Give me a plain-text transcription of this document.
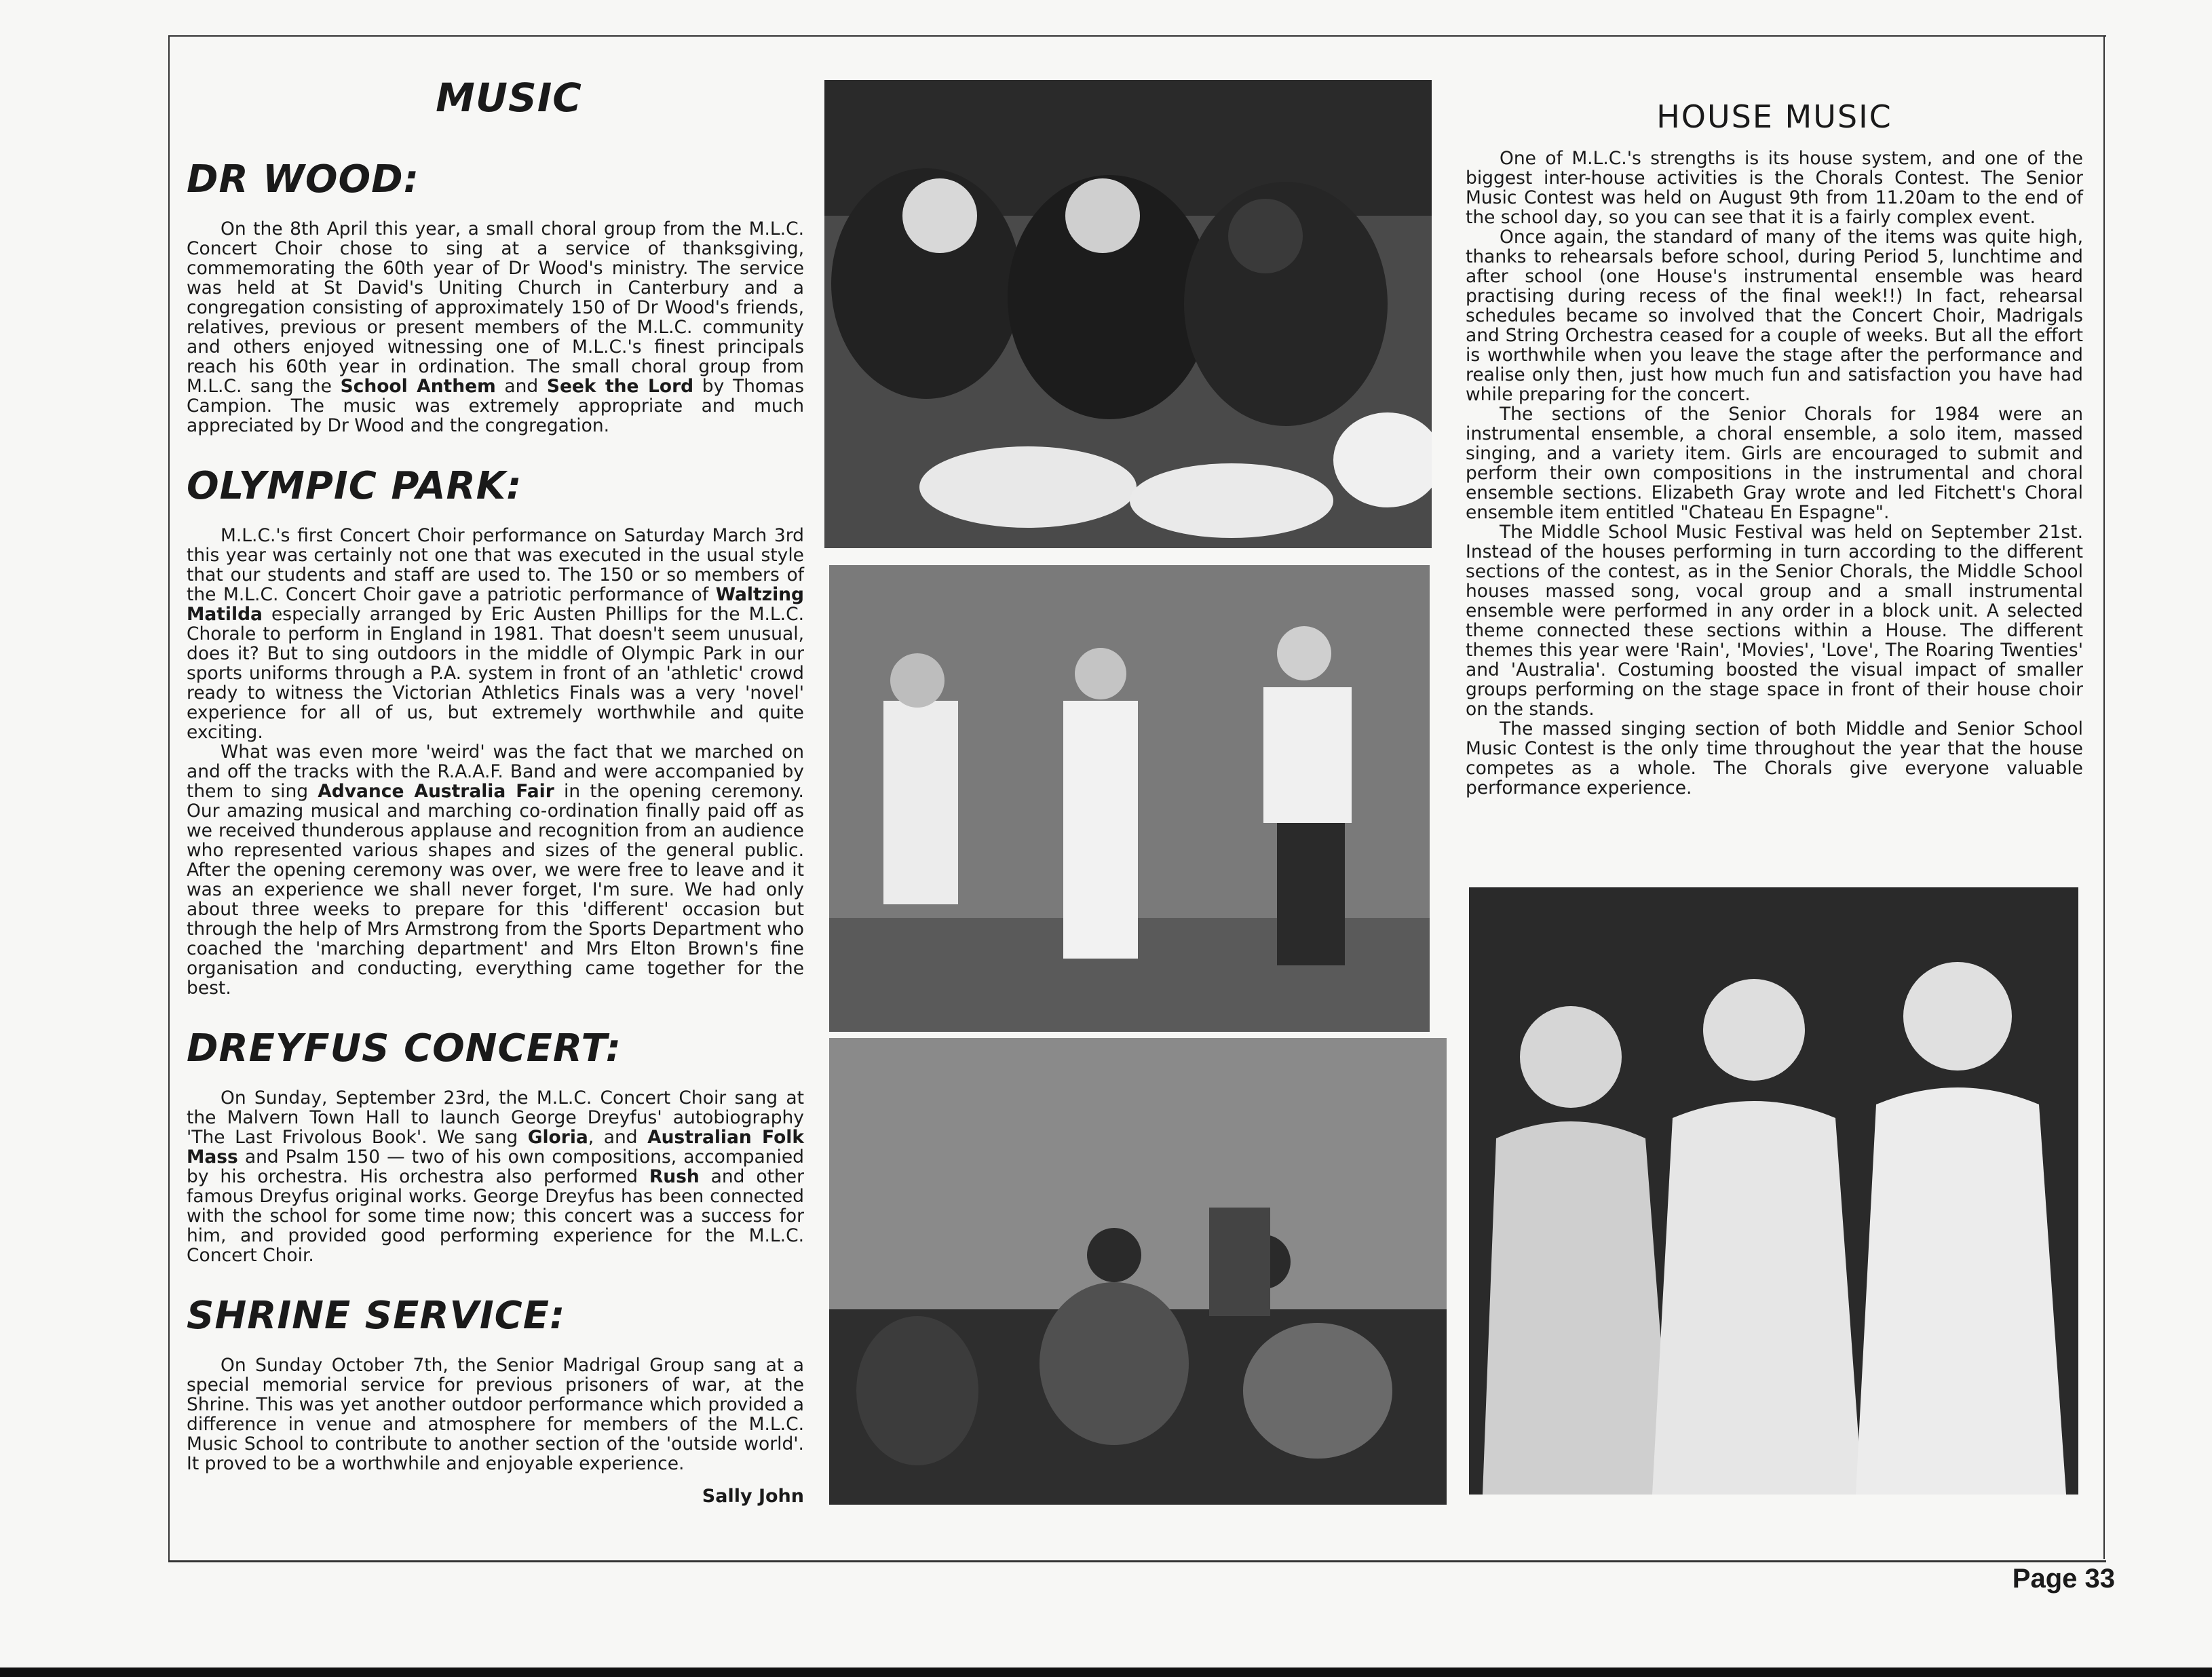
MUSIC
DR WOOD:

On the 8th April this year, a small choral group from the M.L.C. Concert Choir chose to sing at a service of thanksgiving, commemorating the 60th year of Dr Wood's ministry. The service was held at St David's Uniting Church in Canterbury and a congregation consisting of approximately 150 of Dr Wood's friends, relatives, previous or present members of the M.L.C. community and others enjoyed witnessing one of M.L.C.'s finest principals reach his 60th year in ordination. The small choral group from M.L.C. sang the School Anthem and Seek the Lord by Thomas Campion. The music was extremely appropriate and much appreciated by Dr Wood and the congregation.

OLYMPIC PARK:

M.L.C.'s first Concert Choir performance on Saturday March 3rd this year was certainly not one that was executed in the usual style that our students and staff are used to. The 150 or so members of the M.L.C. Concert Choir gave a patriotic performance of Waltzing Matilda especially arranged by Eric Austen Phillips for the M.L.C. Chorale to perform in England in 1981. That doesn't seem unusual, does it? But to sing outdoors in the middle of Olympic Park in our sports uniforms through a P.A. system in front of an 'athletic' crowd ready to witness the Victorian Athletics Finals was a very 'novel' experience for all of us, but extremely worthwhile and quite exciting.

What was even more 'weird' was the fact that we marched on and off the tracks with the R.A.A.F. Band and were accompanied by them to sing Advance Australia Fair in the opening ceremony. Our amazing musical and marching co-ordination finally paid off as we received thunderous applause and recognition from an audience who represented various shapes and sizes of the general public. After the opening ceremony was over, we were free to leave and it was an experience we shall never forget, I'm sure. We had only about three weeks to prepare for this 'different' occasion but through the help of Mrs Armstrong from the Sports Department who coached the 'marching department' and Mrs Elton Brown's fine organisation and conducting, everything came together for the best.

DREYFUS CONCERT:

On Sunday, September 23rd, the M.L.C. Concert Choir sang at the Malvern Town Hall to launch George Dreyfus' autobiography 'The Last Frivolous Book'. We sang Gloria, and Australian Folk Mass and Psalm 150 — two of his own compositions, accompanied by his orchestra. His orchestra also performed Rush and other famous Dreyfus original works. George Dreyfus has been connected with the school for some time now; this concert was a success for him, and provided good performing experience for the M.L.C. Concert Choir.

SHRINE SERVICE:

On Sunday October 7th, the Senior Madrigal Group sang at a special memorial service for previous prisoners of war, at the Shrine. This was yet another outdoor performance which provided a difference in venue and atmosphere for members of the M.L.C. Music School to contribute to another section of the 'outside world'. It proved to be a worthwhile and enjoyable experience.

Sally John
HOUSE MUSIC

One of M.L.C.'s strengths is its house system, and one of the biggest inter-house activities is the Chorals Contest. The Senior Music Contest was held on August 9th from 11.20am to the end of the school day, so you can see that it is a fairly complex event.

Once again, the standard of many of the items was quite high, thanks to rehearsals before school, during Period 5, lunchtime and after school (one House's instrumental ensemble was heard practising during recess of the final week!!) In fact, rehearsal schedules became so involved that the Concert Choir, Madrigals and String Orchestra ceased for a couple of weeks. But all the effort is worthwhile when you leave the stage after the performance and realise only then, just how much fun and satisfaction you have had while preparing for the concert.

The sections of the Senior Chorals for 1984 were an instrumental ensemble, a choral ensemble, a solo item, massed singing, and a variety item. Girls are encouraged to submit and perform their own compositions in the instrumental and choral ensemble sections. Elizabeth Gray wrote and led Fitchett's Choral ensemble item entitled "Chateau En Espagne".

The Middle School Music Festival was held on September 21st. Instead of the houses performing in turn according to the different sections of the contest, as in the Senior Chorals, the Middle School houses massed song, vocal group and a small instrumental ensemble were performed in any order in a block unit. A selected theme connected these sections within a House. The different themes this year were 'Rain', 'Movies', 'Love', The Roaring Twenties' and 'Australia'. Costuming boosted the visual impact of smaller groups performing on the stage space in front of their house choir on the stands.

The massed singing section of both Middle and Senior School Music Contest is the only time throughout the year that the house competes as a whole. The Chorals give everyone valuable performance experience.

Page 33
